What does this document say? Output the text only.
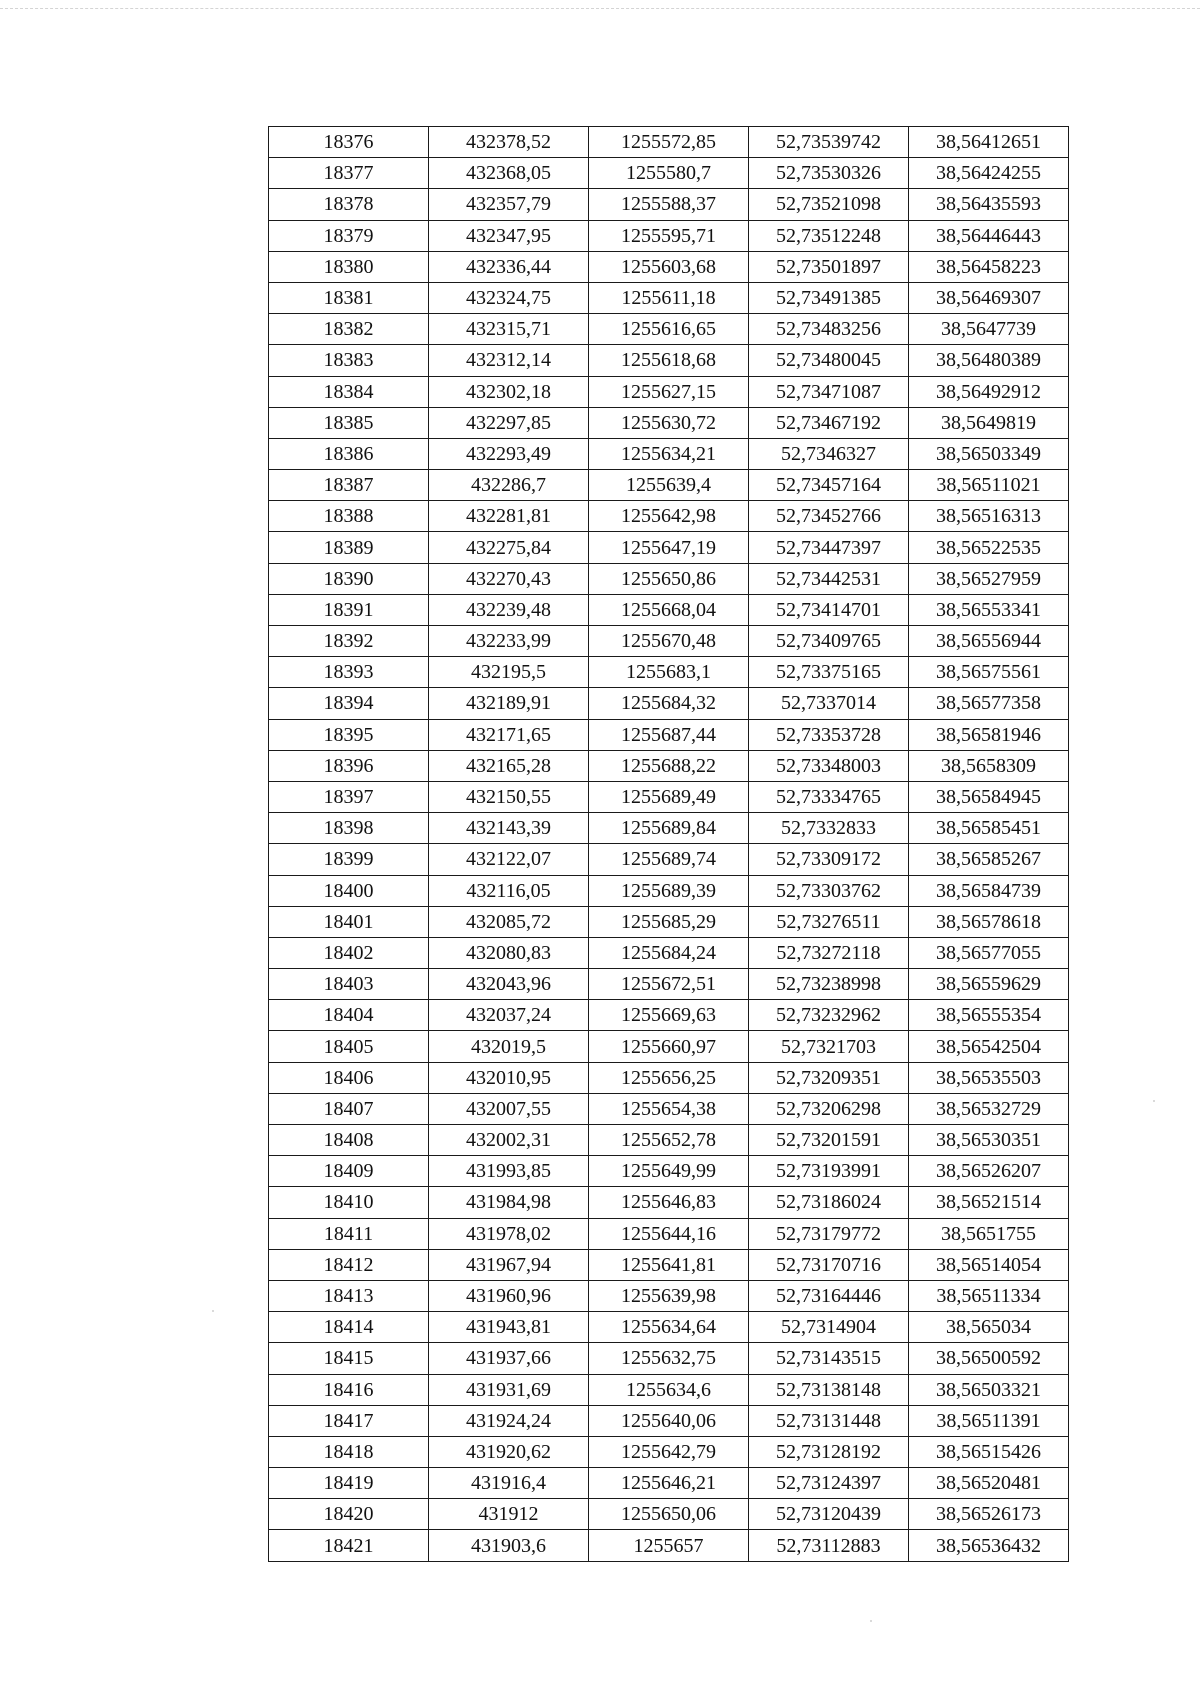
18376	432378,52	1255572,85	52,73539742	38,56412651
18377	432368,05	1255580,7	52,73530326	38,56424255
18378	432357,79	1255588,37	52,73521098	38,56435593
18379	432347,95	1255595,71	52,73512248	38,56446443
18380	432336,44	1255603,68	52,73501897	38,56458223
18381	432324,75	1255611,18	52,73491385	38,56469307
18382	432315,71	1255616,65	52,73483256	38,5647739
18383	432312,14	1255618,68	52,73480045	38,56480389
18384	432302,18	1255627,15	52,73471087	38,56492912
18385	432297,85	1255630,72	52,73467192	38,5649819
18386	432293,49	1255634,21	52,7346327	38,56503349
18387	432286,7	1255639,4	52,73457164	38,56511021
18388	432281,81	1255642,98	52,73452766	38,56516313
18389	432275,84	1255647,19	52,73447397	38,56522535
18390	432270,43	1255650,86	52,73442531	38,56527959
18391	432239,48	1255668,04	52,73414701	38,56553341
18392	432233,99	1255670,48	52,73409765	38,56556944
18393	432195,5	1255683,1	52,73375165	38,56575561
18394	432189,91	1255684,32	52,7337014	38,56577358
18395	432171,65	1255687,44	52,73353728	38,56581946
18396	432165,28	1255688,22	52,73348003	38,5658309
18397	432150,55	1255689,49	52,73334765	38,56584945
18398	432143,39	1255689,84	52,7332833	38,56585451
18399	432122,07	1255689,74	52,73309172	38,56585267
18400	432116,05	1255689,39	52,73303762	38,56584739
18401	432085,72	1255685,29	52,73276511	38,56578618
18402	432080,83	1255684,24	52,73272118	38,56577055
18403	432043,96	1255672,51	52,73238998	38,56559629
18404	432037,24	1255669,63	52,73232962	38,56555354
18405	432019,5	1255660,97	52,7321703	38,56542504
18406	432010,95	1255656,25	52,73209351	38,56535503
18407	432007,55	1255654,38	52,73206298	38,56532729
18408	432002,31	1255652,78	52,73201591	38,56530351
18409	431993,85	1255649,99	52,73193991	38,56526207
18410	431984,98	1255646,83	52,73186024	38,56521514
18411	431978,02	1255644,16	52,73179772	38,5651755
18412	431967,94	1255641,81	52,73170716	38,56514054
18413	431960,96	1255639,98	52,73164446	38,56511334
18414	431943,81	1255634,64	52,7314904	38,565034
18415	431937,66	1255632,75	52,73143515	38,56500592
18416	431931,69	1255634,6	52,73138148	38,56503321
18417	431924,24	1255640,06	52,73131448	38,56511391
18418	431920,62	1255642,79	52,73128192	38,56515426
18419	431916,4	1255646,21	52,73124397	38,56520481
18420	431912	1255650,06	52,73120439	38,56526173
18421	431903,6	1255657	52,73112883	38,56536432
